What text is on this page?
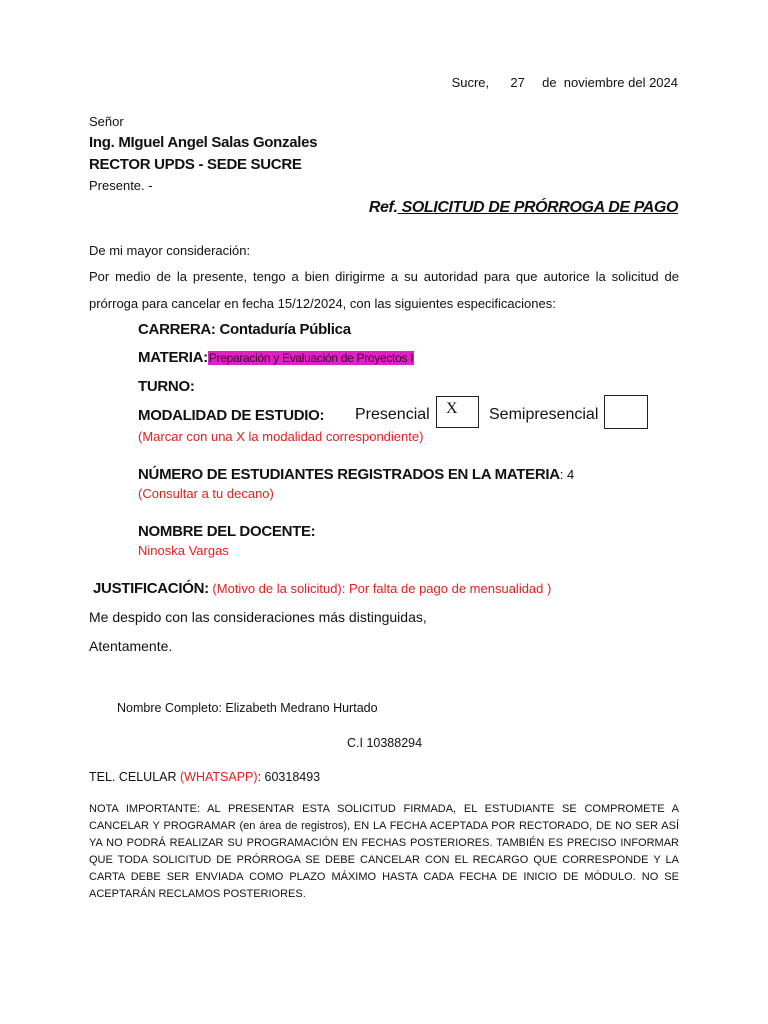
Sucre, 27 de  noviembre del 2024
Señor
Ing. MIguel Angel Salas Gonzales
RECTOR UPDS - SEDE SUCRE
Presente. -
Ref. SOLICITUD DE PRÓRROGA DE PAGO
De mi mayor consideración:
Por medio de la presente, tengo a bien dirigirme a su autoridad para que autorice la solicitud de prórroga para cancelar en fecha 15/12/2024, con las siguientes especificaciones:
CARRERA: Contaduría Pública
MATERIA:Preparación y Evaluación de Proyectos I
TURNO:
MODALIDAD DE ESTUDIO: Presencial X Semipresencial
(Marcar con una X la modalidad correspondiente)
NÚMERO DE ESTUDIANTES REGISTRADOS EN LA MATERIA: 4
(Consultar a tu decano)
NOMBRE DEL DOCENTE:
Ninoska Vargas
JUSTIFICACIÓN: (Motivo de la solicitud): Por falta de pago de mensualidad )
Me despido con las consideraciones más distinguidas,
Atentamente.
Nombre Completo: Elizabeth Medrano Hurtado
C.I 10388294
TEL. CELULAR (WHATSAPP): 60318493
NOTA IMPORTANTE: AL PRESENTAR ESTA SOLICITUD FIRMADA, EL ESTUDIANTE SE COMPROMETE A CANCELAR Y PROGRAMAR (en área de registros), EN LA FECHA ACEPTADA POR RECTORADO, DE NO SER ASÍ YA NO PODRÁ REALIZAR SU PROGRAMACIÓN EN FECHAS POSTERIORES. TAMBIÉN ES PRECISO INFORMAR QUE TODA SOLICITUD DE PRÓRROGA SE DEBE CANCELAR CON EL RECARGO QUE CORRESPONDE Y LA CARTA DEBE SER ENVIADA COMO PLAZO MÁXIMO HASTA CADA FECHA DE INICIO DE MÓDULO. NO SE ACEPTARÁN RECLAMOS POSTERIORES.
